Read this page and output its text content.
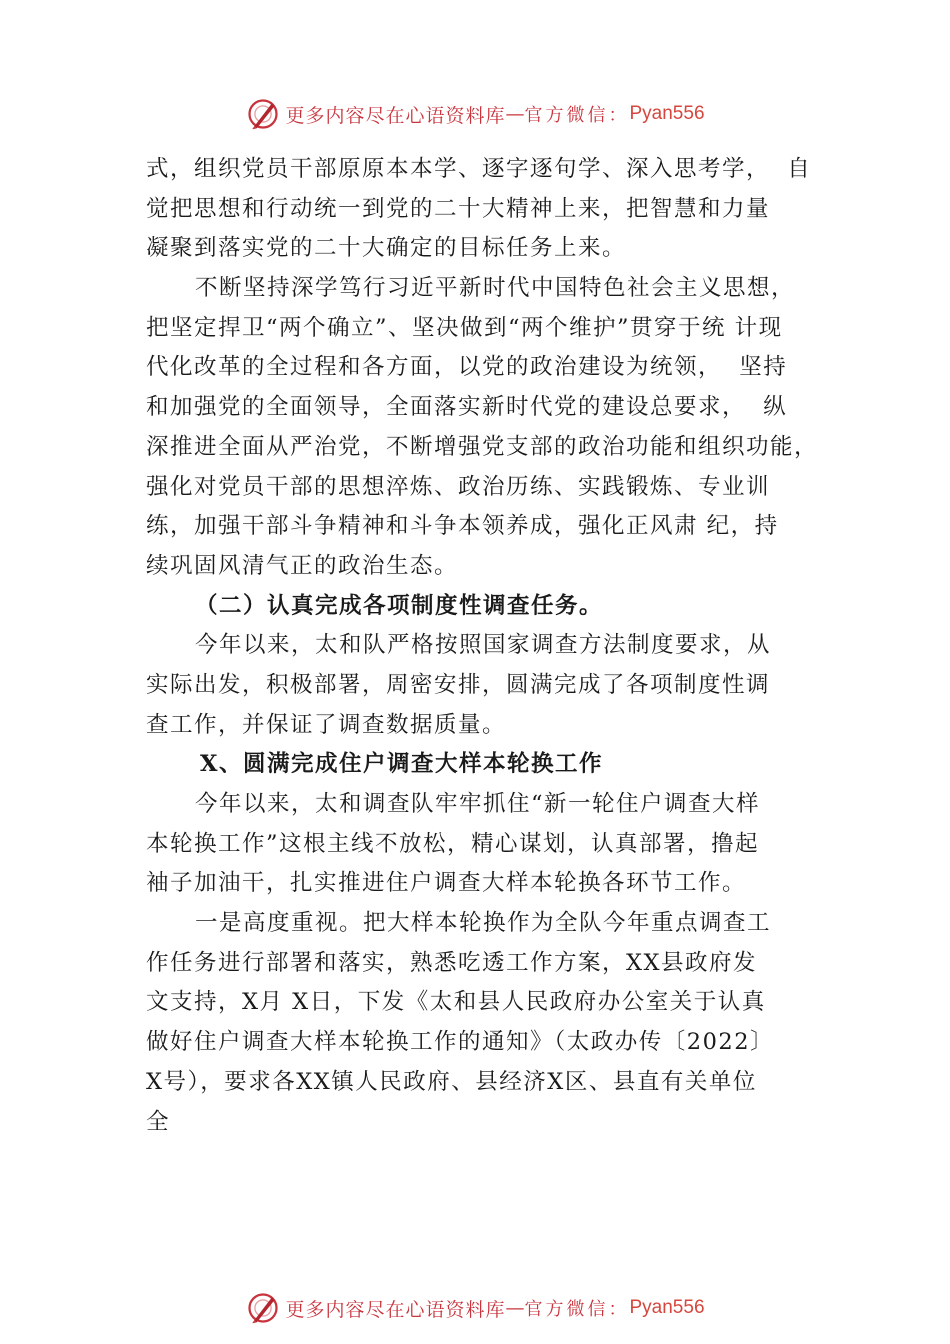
更多内容尽在心语资料库 — 官方微信： Pyan556
式，组织党员干部原原本本学、逐字逐句学、深入思考学，  自
觉把思想和行动统一到党的二十大精神上来，把智慧和力量
凝聚到落实党的二十大确定的目标任务上来。
不断坚持深学笃行习近平新时代中国特色社会主义思想，
把坚定捍卫“两个确立”、坚决做到“两个维护”贯穿于统 计现
代化改革的全过程和各方面，以党的政治建设为统领，  坚持
和加强党的全面领导，全面落实新时代党的建设总要求，  纵
深推进全面从严治党，不断增强党支部的政治功能和组织功能，
强化对党员干部的思想淬炼、政治历练、实践锻炼、专业训
练，加强干部斗争精神和斗争本领养成，强化正风肃 纪，持
续巩固风清气正的政治生态。
（二）认真完成各项制度性调查任务。
今年以来，太和队严格按照国家调查方法制度要求，从
实际出发，积极部署，周密安排，圆满完成了各项制度性调
查工作，并保证了调查数据质量。
X、圆满完成住户调查大样本轮换工作
今年以来，太和调查队牢牢抓住“新一轮住户调查大样
本轮换工作”这根主线不放松，精心谋划，认真部署，撸起
袖子加油干，扎实推进住户调查大样本轮换各环节工作。
一是高度重视。把大样本轮换作为全队今年重点调查工
作任务进行部署和落实，熟悉吃透工作方案，XX县政府发
文支持，X月 X日，下发《太和县人民政府办公室关于认真
做好住户调查大样本轮换工作的通知》（太政办传〔2022〕
X号），要求各XX镇人民政府、县经济X区、县直有关单位
全
更多内容尽在心语资料库 — 官方微信： Pyan556
